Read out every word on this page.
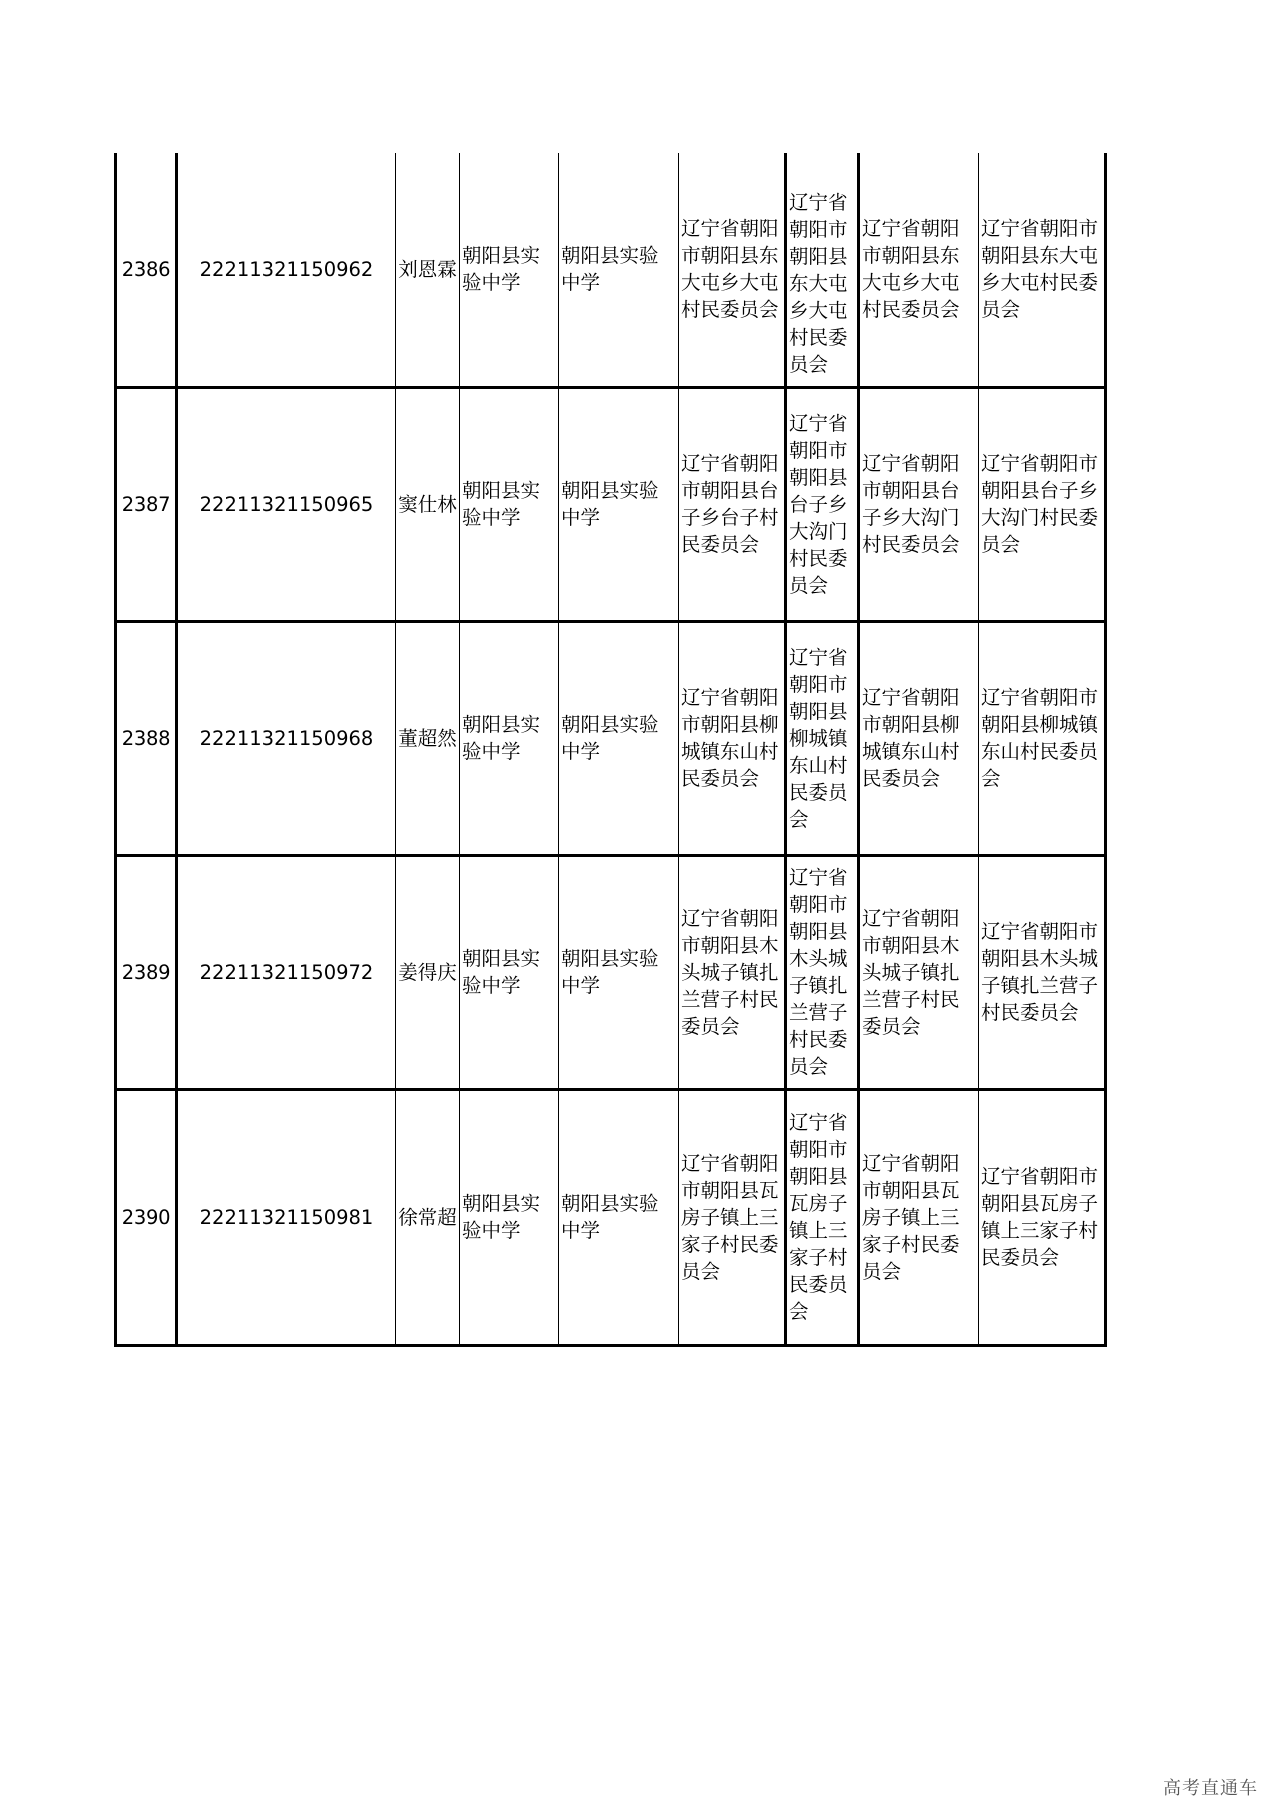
2386	22211321150962	刘恩霖	朝阳县实验中学	朝阳县实验中学	辽宁省朝阳市朝阳县东大屯乡大屯村民委员会	辽宁省朝阳市朝阳县东大屯乡大屯村民委员会	辽宁省朝阳市朝阳县东大屯乡大屯村民委员会	辽宁省朝阳市朝阳县东大屯乡大屯村民委员会
2387	22211321150965	窦仕林	朝阳县实验中学	朝阳县实验中学	辽宁省朝阳市朝阳县台子乡台子村民委员会	辽宁省朝阳市朝阳县台子乡大沟门村民委员会	辽宁省朝阳市朝阳县台子乡大沟门村民委员会	辽宁省朝阳市朝阳县台子乡大沟门村民委员会
2388	22211321150968	董超然	朝阳县实验中学	朝阳县实验中学	辽宁省朝阳市朝阳县柳城镇东山村民委员会	辽宁省朝阳市朝阳县柳城镇东山村民委员会	辽宁省朝阳市朝阳县柳城镇东山村民委员会	辽宁省朝阳市朝阳县柳城镇东山村民委员会
2389	22211321150972	姜得庆	朝阳县实验中学	朝阳县实验中学	辽宁省朝阳市朝阳县木头城子镇扎兰营子村民委员会	辽宁省朝阳市朝阳县木头城子镇扎兰营子村民委员会	辽宁省朝阳市朝阳县木头城子镇扎兰营子村民委员会	辽宁省朝阳市朝阳县木头城子镇扎兰营子村民委员会
2390	22211321150981	徐常超	朝阳县实验中学	朝阳县实验中学	辽宁省朝阳市朝阳县瓦房子镇上三家子村民委员会	辽宁省朝阳市朝阳县瓦房子镇上三家子村民委员会	辽宁省朝阳市朝阳县瓦房子镇上三家子村民委员会	辽宁省朝阳市朝阳县瓦房子镇上三家子村民委员会
高考直通车
